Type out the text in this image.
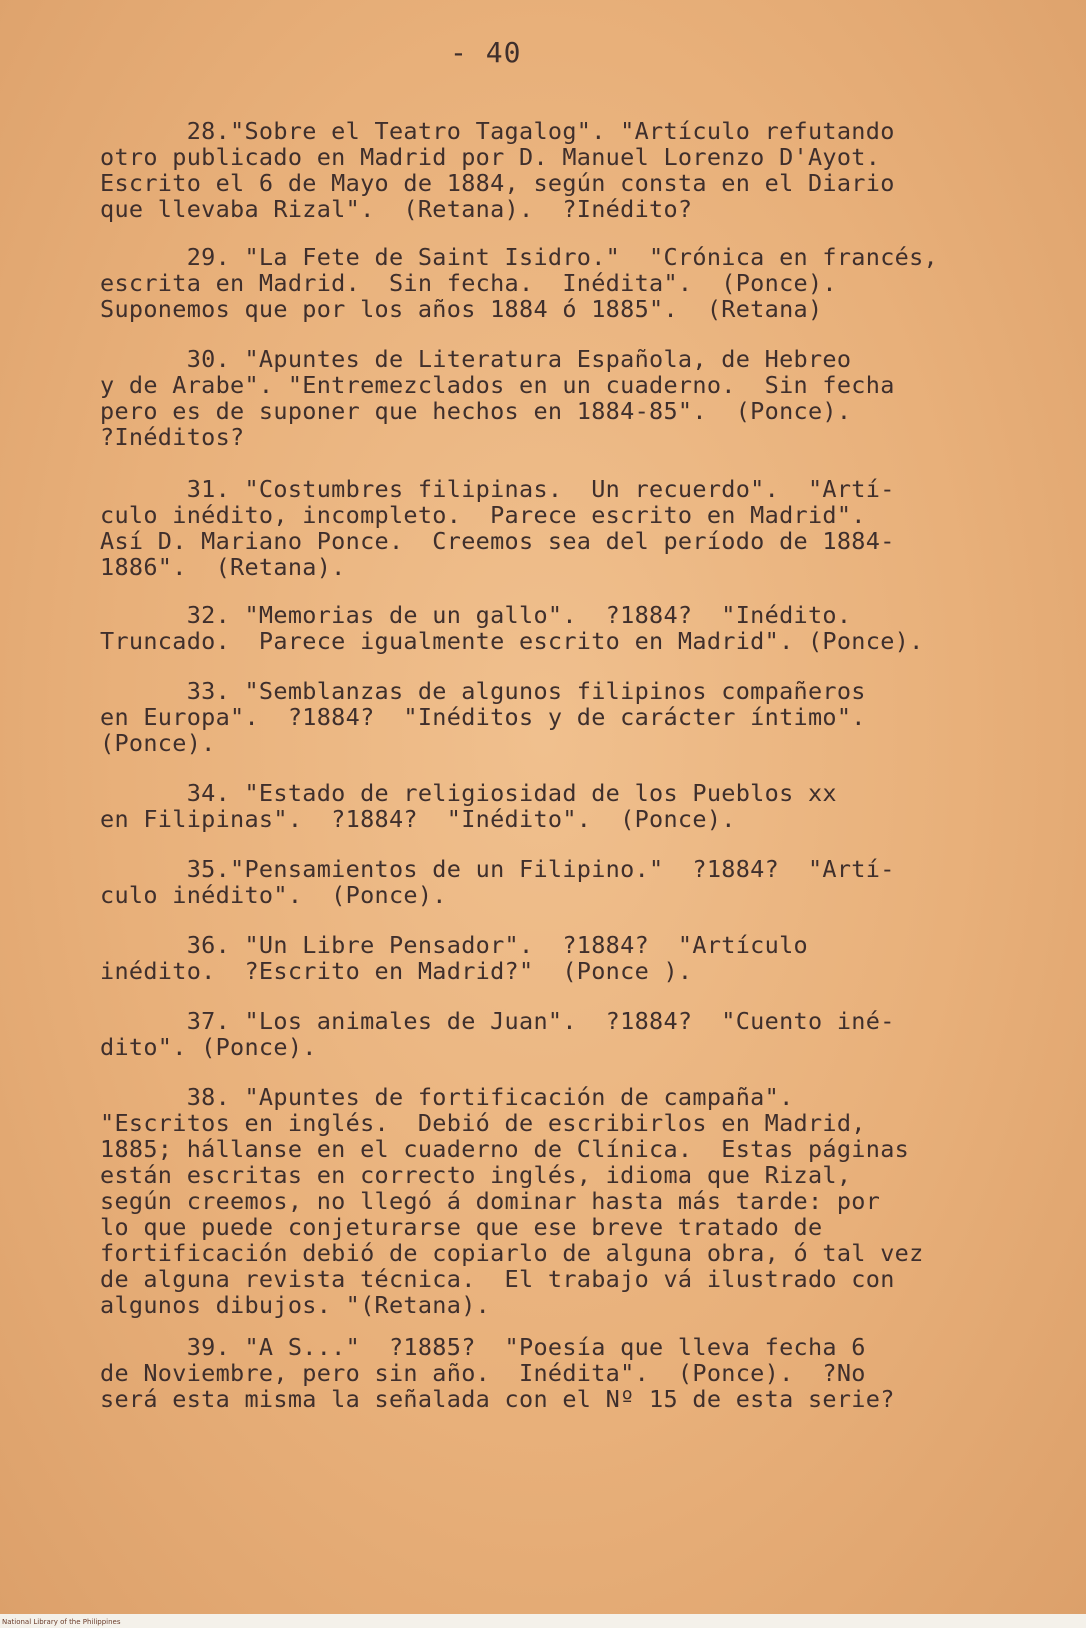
- 40
28."Sobre el Teatro Tagalog". "Artículo refutando
otro publicado en Madrid por D. Manuel Lorenzo D'Ayot.
Escrito el 6 de Mayo de 1884, según consta en el Diario
que llevaba Rizal".  (Retana).  ?Inédito?
29. "La Fete de Saint Isidro."  "Crónica en francés,
escrita en Madrid.  Sin fecha.  Inédita".  (Ponce).
Suponemos que por los años 1884 ó 1885".  (Retana)
30. "Apuntes de Literatura Española, de Hebreo
y de Arabe". "Entremezclados en un cuaderno.  Sin fecha
pero es de suponer que hechos en 1884-85".  (Ponce).
?Inéditos?
31. "Costumbres filipinas.  Un recuerdo".  "Artí-
culo inédito, incompleto.  Parece escrito en Madrid".
Así D. Mariano Ponce.  Creemos sea del período de 1884-
1886".  (Retana).
32. "Memorias de un gallo".  ?1884?  "Inédito.
Truncado.  Parece igualmente escrito en Madrid". (Ponce).
33. "Semblanzas de algunos filipinos compañeros
en Europa".  ?1884?  "Inéditos y de carácter íntimo".
(Ponce).
34. "Estado de religiosidad de los Pueblos xx
en Filipinas".  ?1884?  "Inédito".  (Ponce).
35."Pensamientos de un Filipino."  ?1884?  "Artí-
culo inédito".  (Ponce).
36. "Un Libre Pensador".  ?1884?  "Artículo
inédito.  ?Escrito en Madrid?"  (Ponce ).
37. "Los animales de Juan".  ?1884?  "Cuento iné-
dito". (Ponce).
38. "Apuntes de fortificación de campaña".
"Escritos en inglés.  Debió de escribirlos en Madrid,
1885; hállanse en el cuaderno de Clínica.  Estas páginas
están escritas en correcto inglés, idioma que Rizal,
según creemos, no llegó á dominar hasta más tarde: por
lo que puede conjeturarse que ese breve tratado de
fortificación debió de copiarlo de alguna obra, ó tal vez
de alguna revista técnica.  El trabajo vá ilustrado con
algunos dibujos. "(Retana).
39. "A S..."  ?1885?  "Poesía que lleva fecha 6
de Noviembre, pero sin año.  Inédita".  (Ponce).  ?No
será esta misma la señalada con el Nº 15 de esta serie?
National Library of the Philippines
